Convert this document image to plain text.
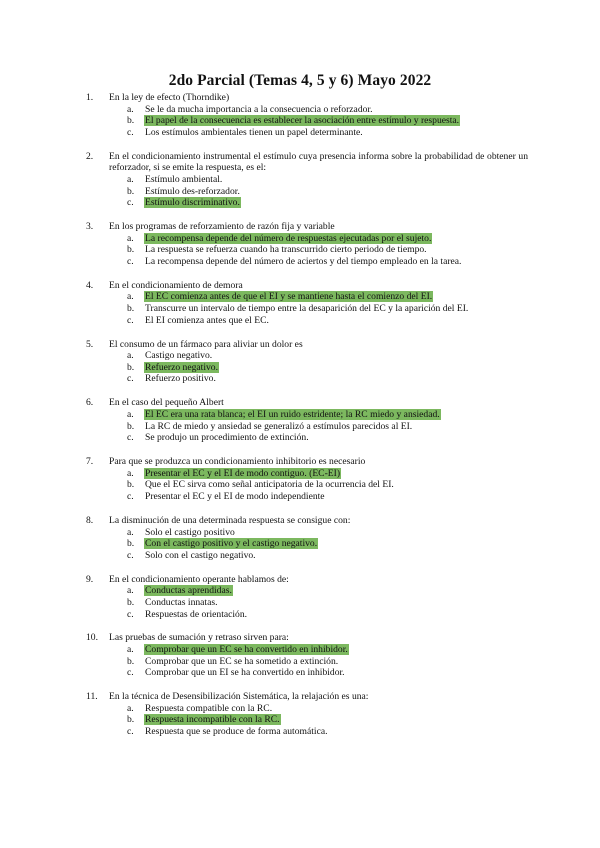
2do Parcial (Temas 4, 5 y 6) Mayo 2022
1. En la ley de efecto (Thorndike)
a. Se le da mucha importancia a la consecuencia o reforzador.
b. El papel de la consecuencia es establecer la asociación entre estímulo y respuesta.
c. Los estímulos ambientales tienen un papel determinante.
2. En el condicionamiento instrumental el estímulo cuya presencia informa sobre la probabilidad de obtener un reforzador, si se emite la respuesta, es el:
a. Estímulo ambiental.
b. Estímulo des-reforzador.
c. Estímulo discriminativo.
3. En los programas de reforzamiento de razón fija y variable
a. La recompensa depende del número de respuestas ejecutadas por el sujeto.
b. La respuesta se refuerza cuando ha transcurrido cierto periodo de tiempo.
c. La recompensa depende del número de aciertos y del tiempo empleado en la tarea.
4. En el condicionamiento de demora
a. El EC comienza antes de que el EI y se mantiene hasta el comienzo del EI.
b. Transcurre un intervalo de tiempo entre la desaparición del EC y la aparición del EI.
c. El EI comienza antes que el EC.
5. El consumo de un fármaco para aliviar un dolor es
a. Castigo negativo.
b. Refuerzo negativo.
c. Refuerzo positivo.
6. En el caso del pequeño Albert
a. El EC era una rata blanca; el EI un ruido estridente; la RC miedo y ansiedad.
b. La RC de miedo y ansiedad se generalizó a estímulos parecidos al EI.
c. Se produjo un procedimiento de extinción.
7. Para que se produzca un condicionamiento inhibitorio es necesario
a. Presentar el EC y el EI de modo contiguo. (EC-EI)
b. Que el EC sirva como señal anticipatoria de la ocurrencia del EI.
c. Presentar el EC y el EI de modo independiente
8. La disminución de una determinada respuesta se consigue con:
a. Solo el castigo positivo
b. Con el castigo positivo y el castigo negativo.
c. Solo con el castigo negativo.
9. En el condicionamiento operante hablamos de:
a. Conductas aprendidas.
b. Conductas innatas.
c. Respuestas de orientación.
10. Las pruebas de sumación y retraso sirven para:
a. Comprobar que un EC se ha convertido en inhibidor.
b. Comprobar que un EC se ha sometido a extinción.
c. Comprobar que un EI se ha convertido en inhibidor.
11. En la técnica de Desensibilización Sistemática, la relajación es una:
a. Respuesta compatible con la RC.
b. Respuesta incompatible con la RC.
c. Respuesta que se produce de forma automática.
